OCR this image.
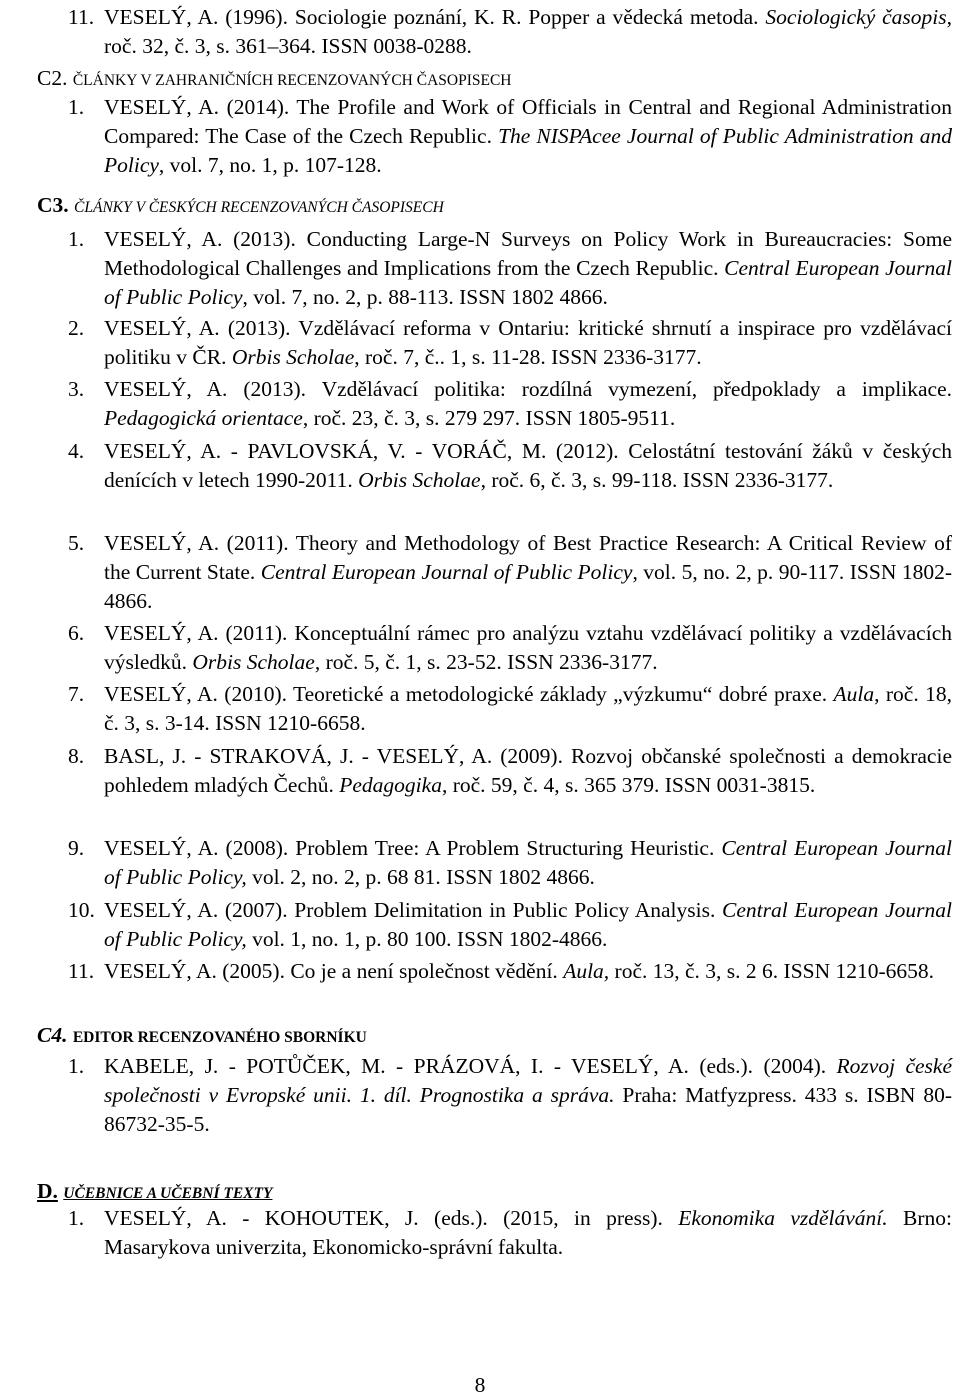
11. VESELÝ, A. (1996). Sociologie poznání, K. R. Popper a vědecká metoda. Sociologický časopis, roč. 32, č. 3, s. 361–364. ISSN 0038-0288.
C2. ČLÁNKY V ZAHRANIČNÍCH RECENZOVANÝCH ČASOPISECH
1. VESELÝ, A. (2014). The Profile and Work of Officials in Central and Regional Administration Compared: The Case of the Czech Republic. The NISPAcee Journal of Public Administration and Policy, vol. 7, no. 1, p. 107-128.
C3. ČLÁNKY V ČESKÝCH RECENZOVANÝCH ČASOPISECH
1. VESELÝ, A. (2013). Conducting Large-N Surveys on Policy Work in Bureaucracies: Some Methodological Challenges and Implications from the Czech Republic. Central European Journal of Public Policy, vol. 7, no. 2, p. 88-113. ISSN 1802 4866.
2. VESELÝ, A. (2013). Vzdělávací reforma v Ontariu: kritické shrnutí a inspirace pro vzdělávací politiku v ČR. Orbis Scholae, roč. 7, č.. 1, s. 11-28. ISSN 2336-3177.
3. VESELÝ, A. (2013). Vzdělávací politika: rozdílná vymezení, předpoklady a implikace. Pedagogická orientace, roč. 23, č. 3, s. 279 297. ISSN 1805-9511.
4. VESELÝ, A. - PAVLOVSKÁ, V. - VORÁČ, M. (2012). Celostátní testování žáků v českých denících v letech 1990-2011. Orbis Scholae, roč. 6, č. 3, s. 99-118. ISSN 2336-3177.
5. VESELÝ, A. (2011). Theory and Methodology of Best Practice Research: A Critical Review of the Current State. Central European Journal of Public Policy, vol. 5, no. 2, p. 90-117. ISSN 1802-4866.
6. VESELÝ, A. (2011). Konceptuální rámec pro analýzu vztahu vzdělávací politiky a vzdělávacích výsledků. Orbis Scholae, roč. 5, č. 1, s. 23-52. ISSN 2336-3177.
7. VESELÝ, A. (2010). Teoretické a metodologické základy „výzkumu“ dobré praxe. Aula, roč. 18, č. 3, s. 3-14. ISSN 1210-6658.
8. BASL, J. - STRAKOVÁ, J. - VESELÝ, A. (2009). Rozvoj občanské společnosti a demokracie pohledem mladých Čechů. Pedagogika, roč. 59, č. 4, s. 365 379. ISSN 0031-3815.
9. VESELÝ, A. (2008). Problem Tree: A Problem Structuring Heuristic. Central European Journal of Public Policy, vol. 2, no. 2, p. 68 81. ISSN 1802 4866.
10. VESELÝ, A. (2007). Problem Delimitation in Public Policy Analysis. Central European Journal of Public Policy, vol. 1, no. 1, p. 80 100. ISSN 1802-4866.
11. VESELÝ, A. (2005). Co je a není společnost vědění. Aula, roč. 13, č. 3, s. 2 6. ISSN 1210-6658.
C4. EDITOR RECENZOVANÉHO SBORNÍKU
1. KABELE, J. - POTŮČEK, M. - PRÁZOVÁ, I. - VESELÝ, A. (eds.). (2004). Rozvoj české společnosti v Evropské unii. 1. díl. Prognostika a správa. Praha: Matfyzpress. 433 s. ISBN 80-86732-35-5.
D. UČEBNICE A UČEBNÍ TEXTY
1. VESELÝ, A. - KOHOUTEK, J. (eds.). (2015, in press). Ekonomika vzdělávání. Brno: Masarykova univerzita, Ekonomicko-správní fakulta.
8
